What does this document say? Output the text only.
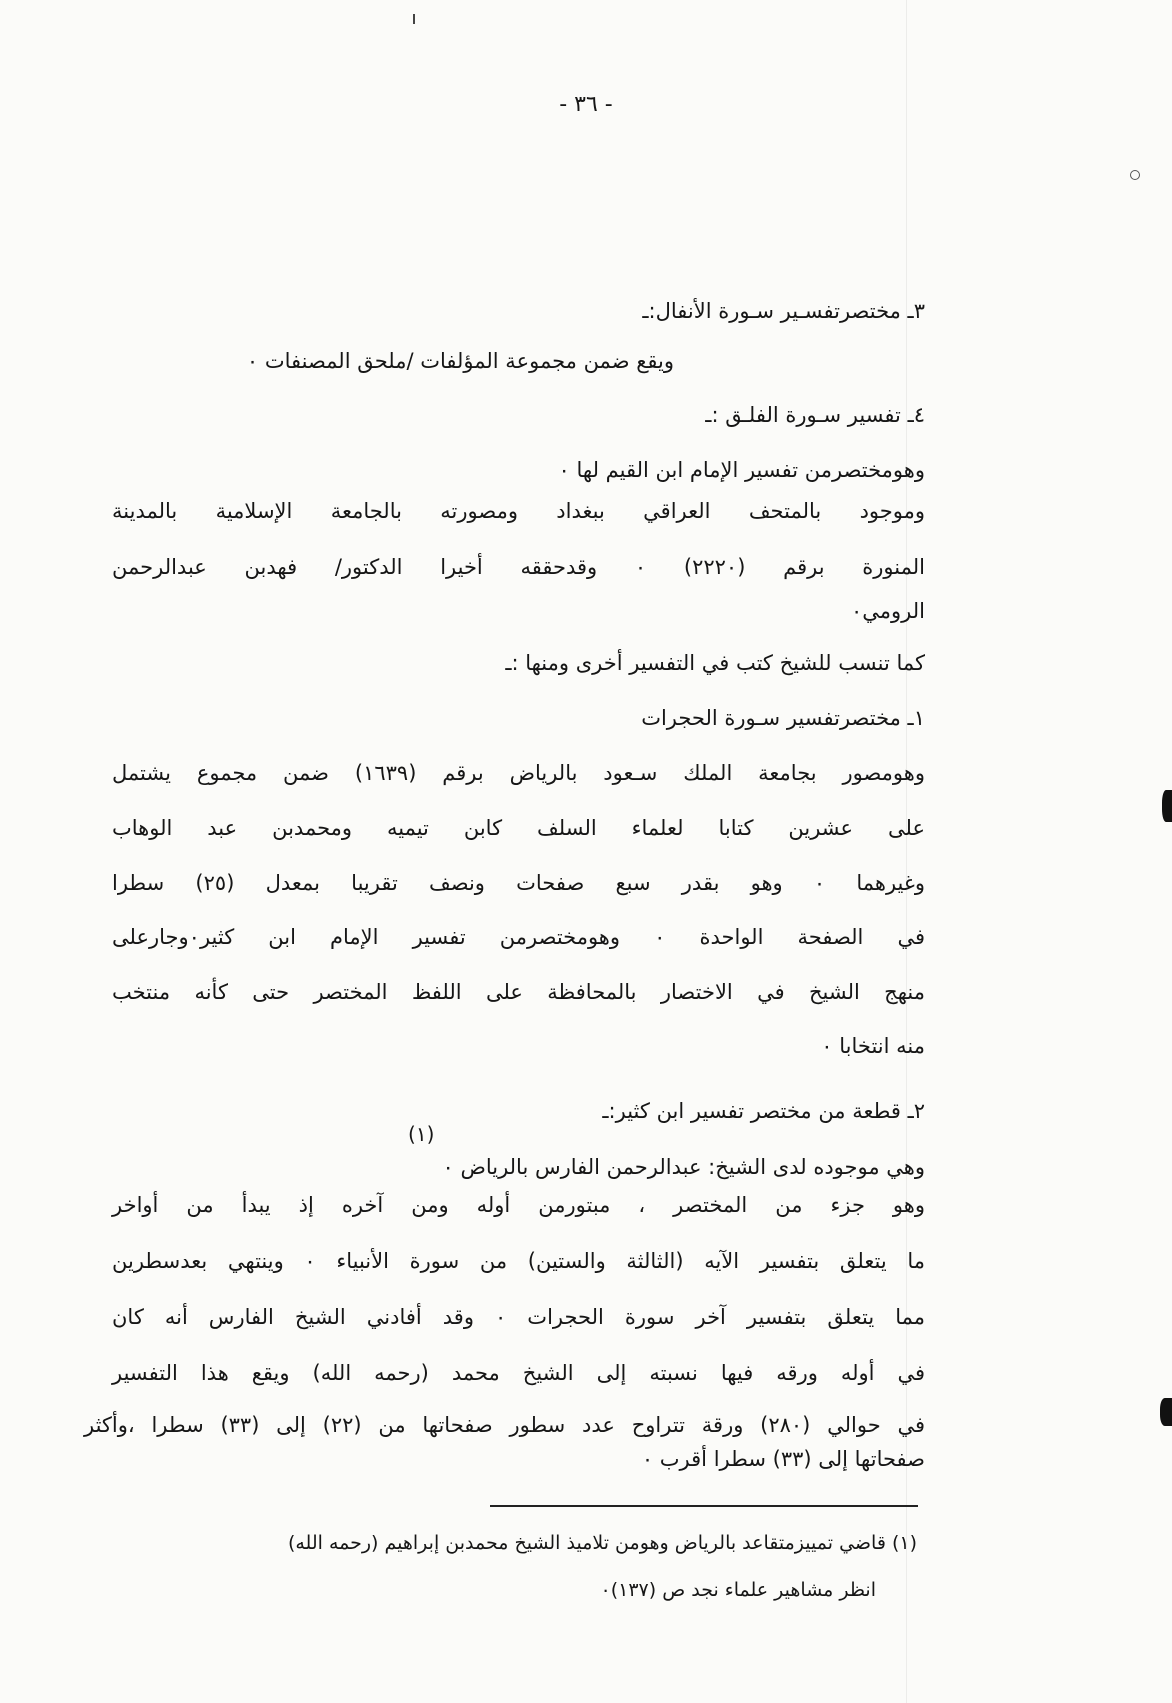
- ٣٦ -
٣ـ مختصرتفسـير سـورة الأنفال:ـ
ويقع ضمن مجموعة المؤلفات /ملحق المصنفات ٠
٤ـ تفسير سـورة الفلـق :ـ
وهومختصرمن تفسير الإمام ابن القيم لها ٠
وموجود بالمتحف العراقي ببغداد ومصورته بالجامعة الإسلامية بالمدينة
المنورة برقم (٢٢٢٠) ٠ وقدحققه أخيرا الدكتور/ فهدبن عبدالرحمن
الرومي٠
كما تنسب للشيخ كتب في التفسير أخرى ومنها :ـ
١ـ مختصرتفسير سـورة الحجرات
وهومصور بجامعة الملك سـعود بالرياض برقم (١٦٣٩) ضمن مجموع يشتمل
على عشرين كتابا لعلماء السلف كابن تيميه ومحمدبن عبد الوهاب
وغيرهما ٠ وهو بقدر سبع صفحات ونصف تقريبا بمعدل (٢٥) سطرا
في الصفحة الواحدة ٠ وهومختصرمن تفسير الإمام ابن كثير٠وجارعلى
منهج الشيخ في الاختصار بالمحافظة على اللفظ المختصر حتى كأنه منتخب
منه انتخابا ٠
٢ـ قطعة من مختصر تفسير ابن كثير:ـ
(١)
وهي موجوده لدى الشيخ: عبدالرحمن الفارس بالرياض ٠
وهو جزء من المختصر ، مبتورمن أوله ومن آخره إذ يبدأ من أواخر
ما يتعلق بتفسير الآيه (الثالثة والستين) من سورة الأنبياء ٠ وينتهي بعدسطرين
مما يتعلق بتفسير آخر سورة الحجرات ٠ وقد أفادني الشيخ الفارس أنه كان
في أوله ورقه فيها نسبته إلى الشيخ محمد (رحمه الله) ويقع هذا التفسير
في حوالي (٢٨٠) ورقة تتراوح عدد سطور صفحاتها من (٢٢) إلى (٣٣) سطرا ،وأكثر
صفحاتها إلى (٣٣) سطرا أقرب ٠
(١) قاضي تمييزمتقاعد بالرياض وهومن تلاميذ الشيخ محمدبن إبراهيم (رحمه الله)
انظر مشاهير علماء نجد ص (١٣٧)٠
